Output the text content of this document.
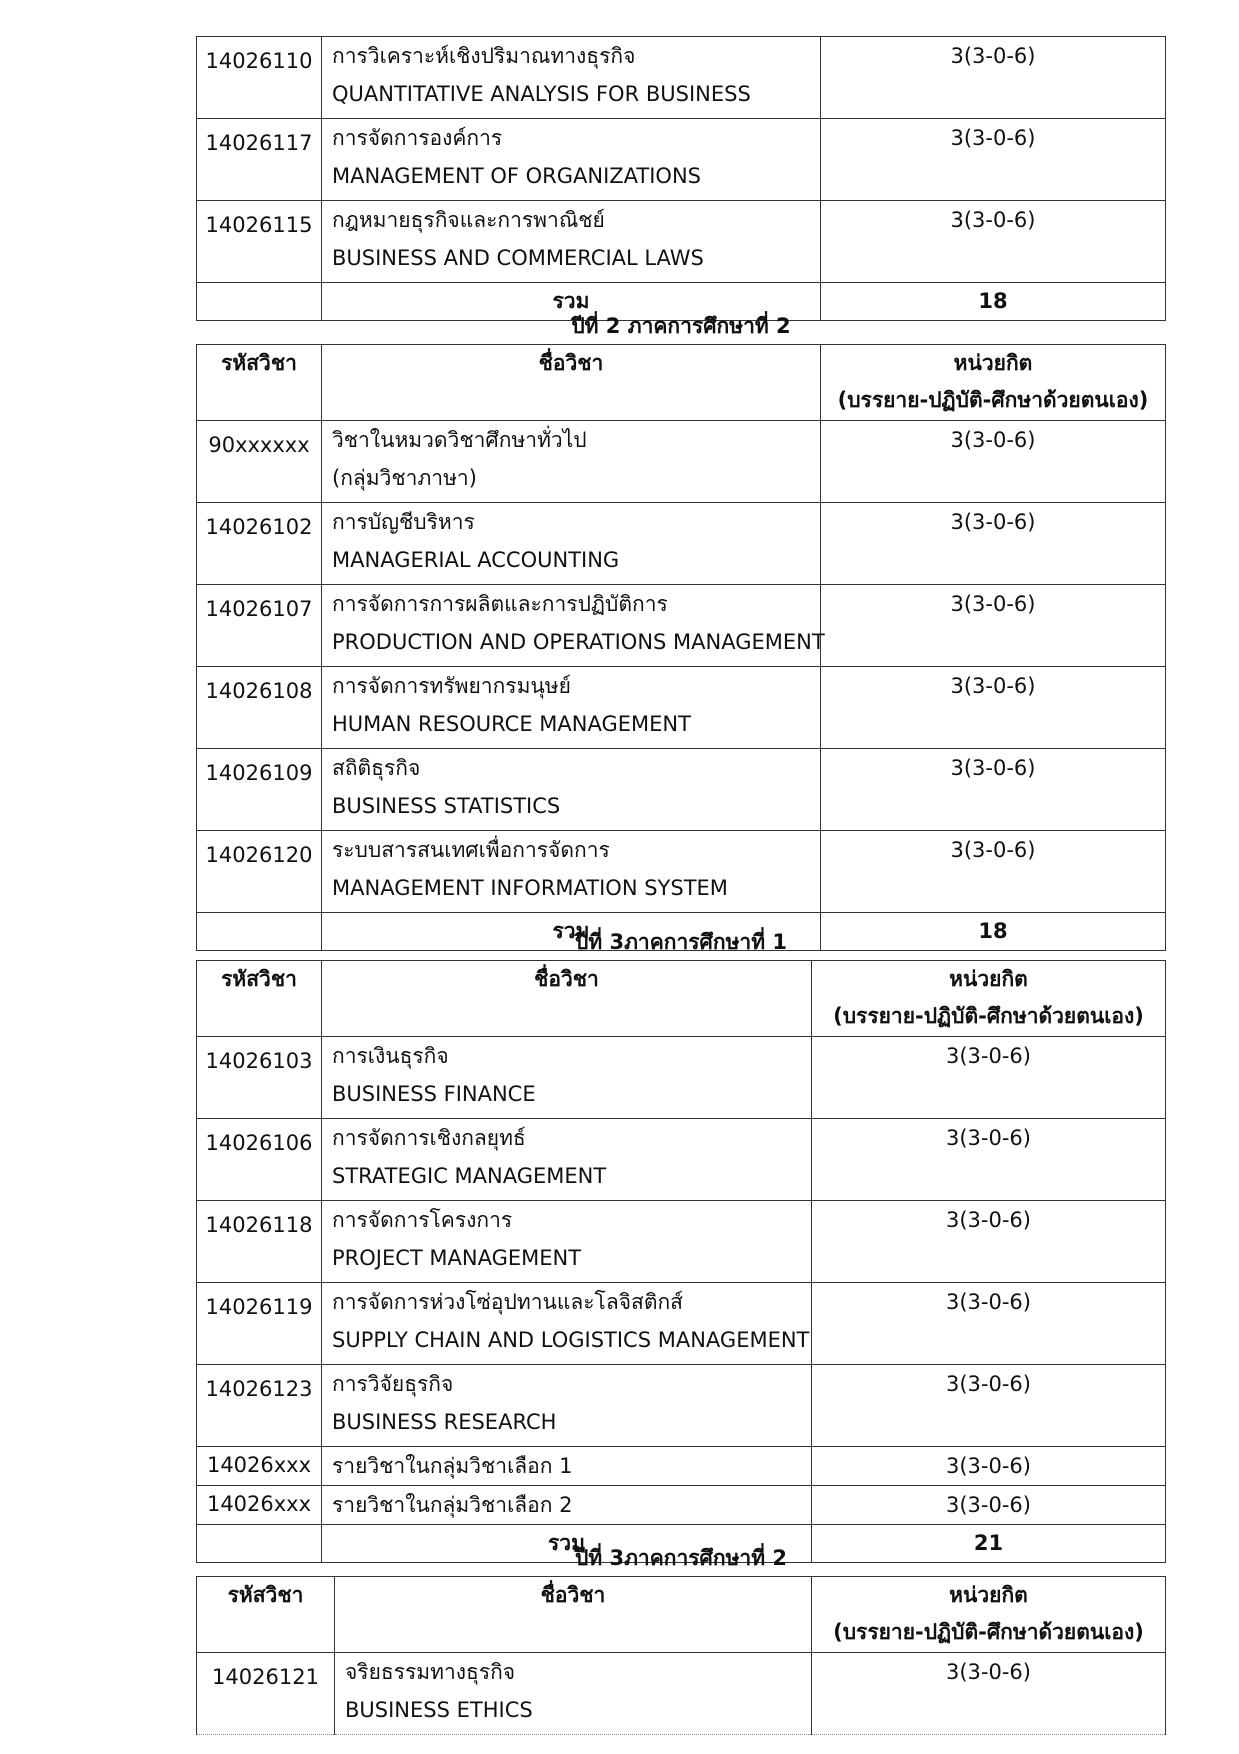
14026110	การวิเคราะห์เชิงปริมาณทางธุรกิจ
QUANTITATIVE ANALYSIS FOR BUSINESS	3(3-0-6)
14026117	การจัดการองค์การ
MANAGEMENT OF ORGANIZATIONS	3(3-0-6)
14026115	กฎหมายธุรกิจและการพาณิชย์
BUSINESS AND COMMERCIAL LAWS	3(3-0-6)
	รวม	18
ปีที่ 2 ภาคการศึกษาที่ 2
รหัสวิชา	ชื่อวิชา	หน่วยกิต
(บรรยาย-ปฏิบัติ-ศึกษาด้วยตนเอง)

90xxxxxx	วิชาในหมวดวิชาศึกษาทั่วไป
(กลุ่มวิชาภาษา)	3(3-0-6)
14026102	การบัญชีบริหาร
MANAGERIAL ACCOUNTING	3(3-0-6)
14026107	การจัดการการผลิตและการปฏิบัติการ
PRODUCTION AND OPERATIONS MANAGEMENT	3(3-0-6)
14026108	การจัดการทรัพยากรมนุษย์
HUMAN RESOURCE MANAGEMENT	3(3-0-6)
14026109	สถิติธุรกิจ
BUSINESS STATISTICS	3(3-0-6)
14026120	ระบบสารสนเทศเพื่อการจัดการ
MANAGEMENT INFORMATION SYSTEM	3(3-0-6)
	รวม	18
ปีที่ 3ภาคการศึกษาที่ 1
รหัสวิชา	ชื่อวิชา	หน่วยกิต
(บรรยาย-ปฏิบัติ-ศึกษาด้วยตนเอง)

14026103	การเงินธุรกิจ
BUSINESS FINANCE	3(3-0-6)
14026106	การจัดการเชิงกลยุทธ์
STRATEGIC MANAGEMENT	3(3-0-6)
14026118	การจัดการโครงการ
PROJECT MANAGEMENT	3(3-0-6)
14026119	การจัดการห่วงโซ่อุปทานและโลจิสติกส์
SUPPLY CHAIN AND LOGISTICS MANAGEMENT	3(3-0-6)
14026123	การวิจัยธุรกิจ
BUSINESS RESEARCH	3(3-0-6)
14026xxx	รายวิชาในกลุ่มวิชาเลือก 1	3(3-0-6)
14026xxx	รายวิชาในกลุ่มวิชาเลือก 2	3(3-0-6)
	รวม	21
ปีที่ 3ภาคการศึกษาที่ 2
รหัสวิชา	ชื่อวิชา	หน่วยกิต
(บรรยาย-ปฏิบัติ-ศึกษาด้วยตนเอง)

14026121	จริยธรรมทางธุรกิจ
BUSINESS ETHICS	3(3-0-6)
